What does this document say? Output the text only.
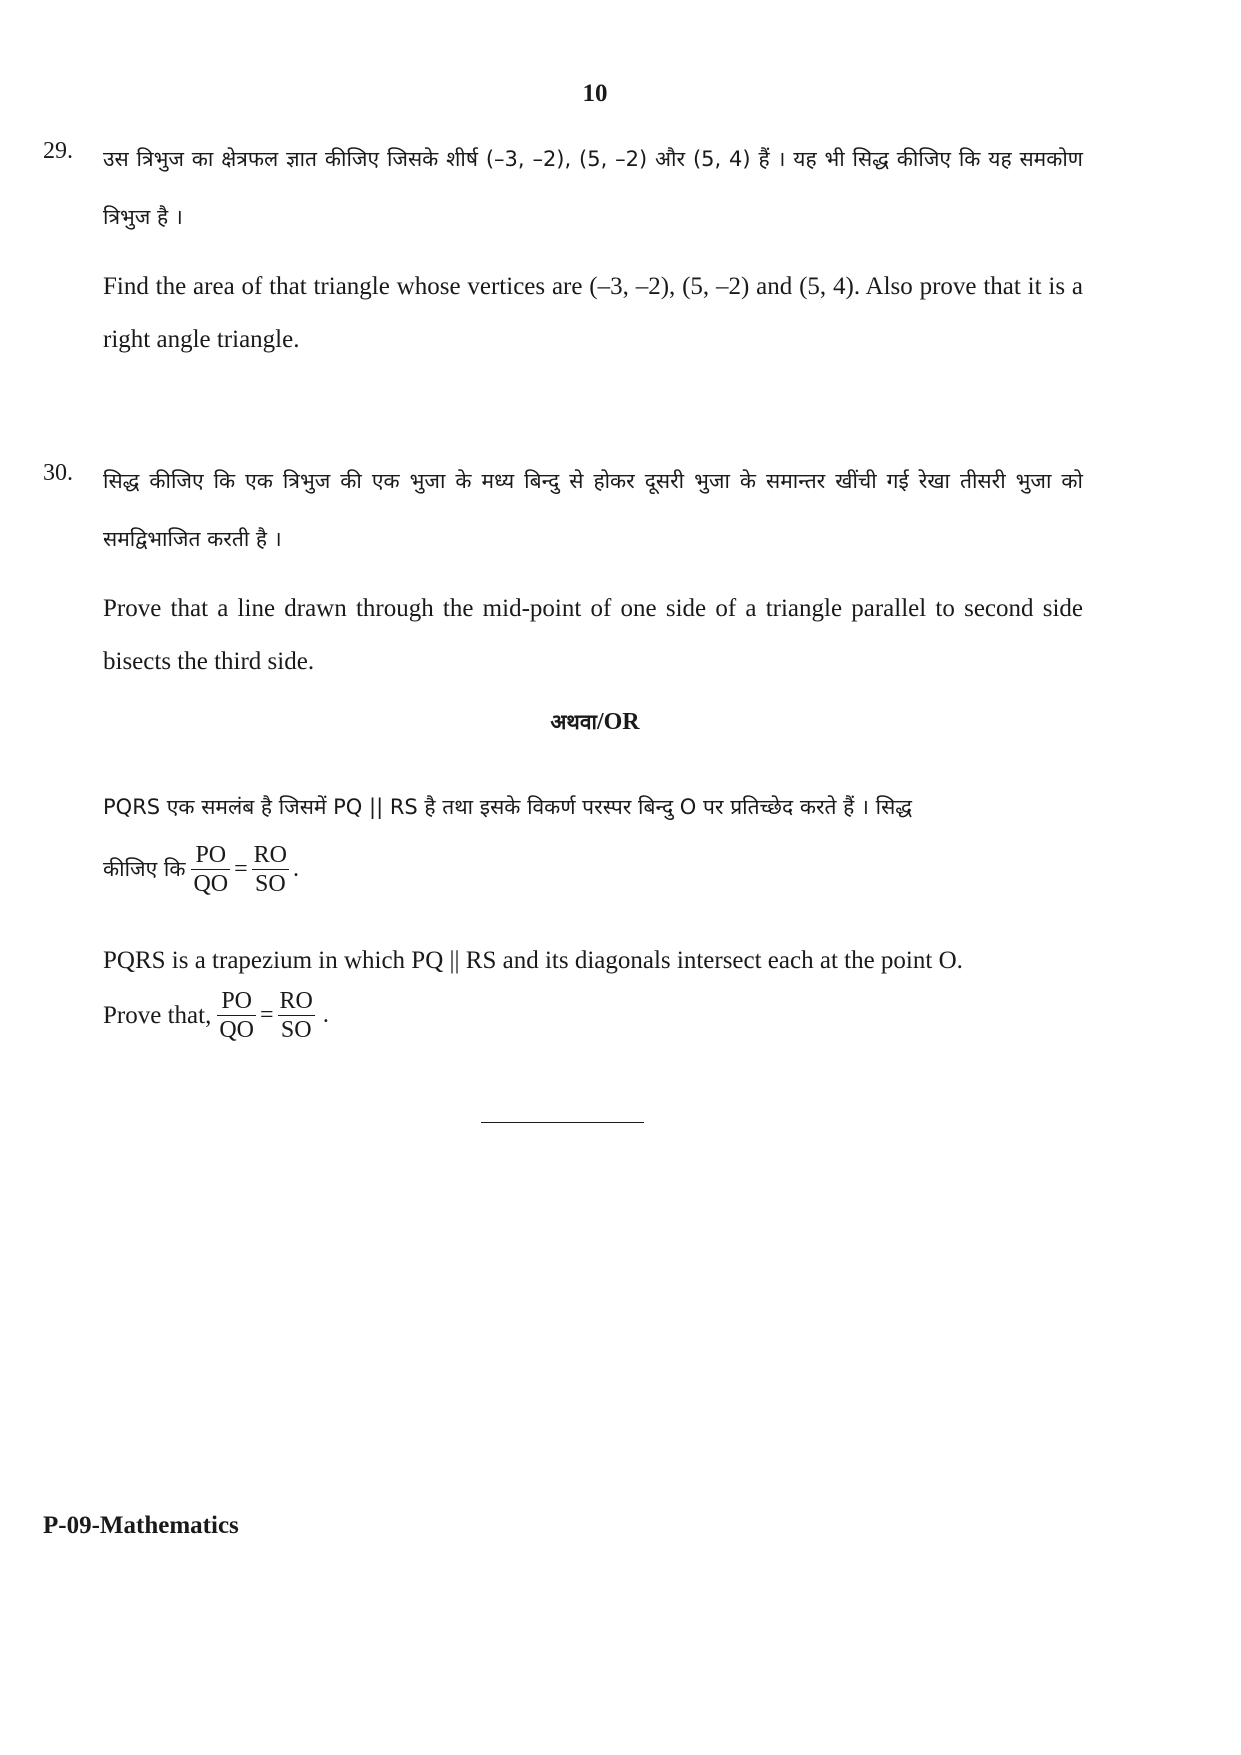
10
29. उस त्रिभुज का क्षेत्रफल ज्ञात कीजिए जिसके शीर्ष (–3, –2), (5, –2) और (5, 4) हैं । यह भी सिद्ध कीजिए कि यह समकोण त्रिभुज है ।
Find the area of that triangle whose vertices are (–3, –2), (5, –2) and (5, 4). Also prove that it is a right angle triangle.
30. सिद्ध कीजिए कि एक त्रिभुज की एक भुजा के मध्य बिन्दु से होकर दूसरी भुजा के समान्तर खींची गई रेखा तीसरी भुजा को समद्विभाजित करती है ।
Prove that a line drawn through the mid-point of one side of a triangle parallel to second side bisects the third side.
अथवा/OR
PQRS एक समलंब है जिसमें PQ || RS है तथा इसके विकर्ण परस्पर बिन्दु O पर प्रतिच्छेद करते हैं । सिद्ध
कीजिए कि $\frac{PO}{QO} = \frac{RO}{SO}$ .
PQRS is a trapezium in which PQ || RS and its diagonals intersect each at the point O.
Prove that, $\frac{PO}{QO} = \frac{RO}{SO}$ .
P-09-Mathematics
